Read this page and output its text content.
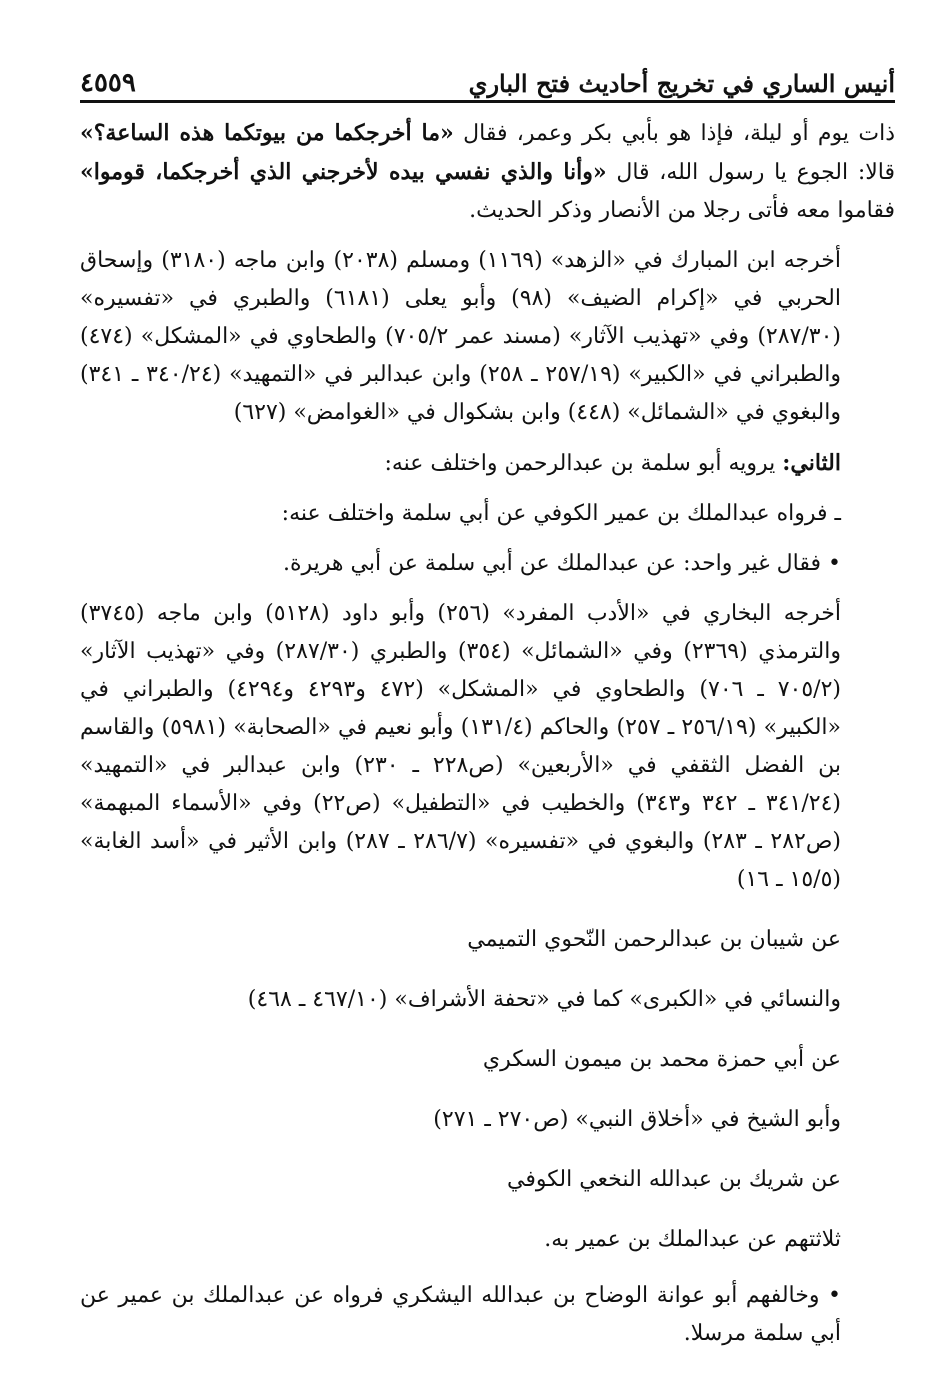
أنيس الساري في تخريج أحاديث فتح الباري
٤٥٥٩

ذات يوم أو ليلة، فإذا هو بأبي بكر وعمر، فقال «ما أخرجكما من بيوتكما هذه الساعة؟» قالا: الجوع يا رسول الله، قال «وأنا والذي نفسي بيده لأخرجني الذي أخرجكما، قوموا» فقاموا معه فأتى رجلا من الأنصار وذكر الحديث.

أخرجه ابن المبارك في «الزهد» (١١٦٩) ومسلم (٢٠٣٨) وابن ماجه (٣١٨٠) وإسحاق الحربي في «إكرام الضيف» (٩٨) وأبو يعلى (٦١٨١) والطبري في «تفسيره» (٢٨٧/٣٠) وفي «تهذيب الآثار» (مسند عمر ٧٠٥/٢) والطحاوي في «المشكل» (٤٧٤) والطبراني في «الكبير» (٢٥٧/١٩ ـ ٢٥٨) وابن عبدالبر في «التمهيد» (٣٤٠/٢٤ ـ ٣٤١) والبغوي في «الشمائل» (٤٤٨) وابن بشكوال في «الغوامض» (٦٢٧)

الثاني: يرويه أبو سلمة بن عبدالرحمن واختلف عنه:

ـ فرواه عبدالملك بن عمير الكوفي عن أبي سلمة واختلف عنه:

• فقال غير واحد: عن عبدالملك عن أبي سلمة عن أبي هريرة.

أخرجه البخاري في «الأدب المفرد» (٢٥٦) وأبو داود (٥١٢٨) وابن ماجه (٣٧٤٥) والترمذي (٢٣٦٩) وفي «الشمائل» (٣٥٤) والطبري (٢٨٧/٣٠) وفي «تهذيب الآثار» (٧٠٥/٢ ـ ٧٠٦) والطحاوي في «المشكل» (٤٧٢ و٤٢٩٣ و٤٢٩٤) والطبراني في «الكبير» (٢٥٦/١٩ ـ ٢٥٧) والحاكم (١٣١/٤) وأبو نعيم في «الصحابة» (٥٩٨١) والقاسم بن الفضل الثقفي في «الأربعين» (ص٢٢٨ ـ ٢٣٠) وابن عبدالبر في «التمهيد» (٣٤١/٢٤ ـ ٣٤٢ و٣٤٣) والخطيب في «التطفيل» (ص٢٢) وفي «الأسماء المبهمة» (ص٢٨٢ ـ ٢٨٣) والبغوي في «تفسيره» (٢٨٦/٧ ـ ٢٨٧) وابن الأثير في «أسد الغابة» (١٥/٥ ـ ١٦)

عن شيبان بن عبدالرحمن النّحوي التميمي

والنسائي في «الكبرى» كما في «تحفة الأشراف» (٤٦٧/١٠ ـ ٤٦٨)

عن أبي حمزة محمد بن ميمون السكري

وأبو الشيخ في «أخلاق النبي» (ص٢٧٠ ـ ٢٧١)

عن شريك بن عبدالله النخعي الكوفي

ثلاثتهم عن عبدالملك بن عمير به.

• وخالفهم أبو عوانة الوضاح بن عبدالله اليشكري فرواه عن عبدالملك بن عمير عن أبي سلمة مرسلا.
